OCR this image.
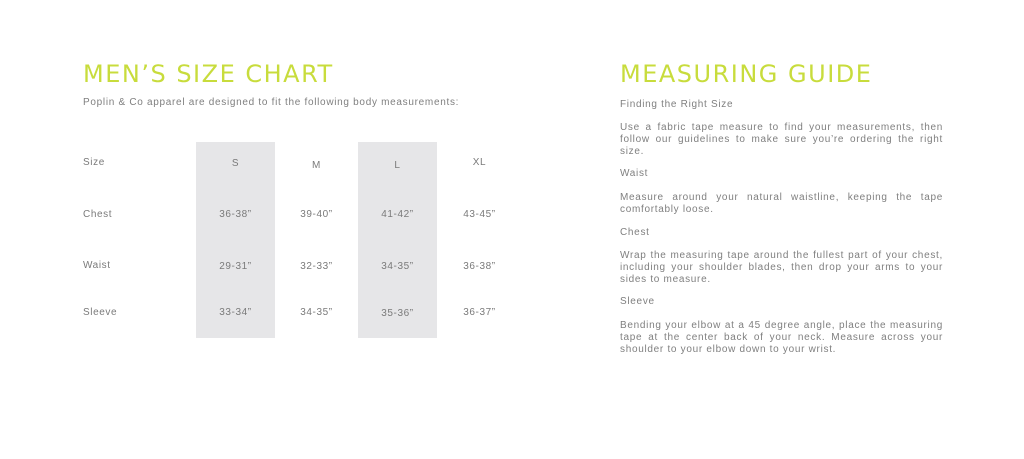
MEN’S SIZE CHART
Poplin & Co apparel are designed to fit the following body measurements:
Size	S	M	L	XL
Chest	36-38”	39-40”	41-42”	43-45”
Waist	29-31”	32-33”	34-35”	36-38”
Sleeve	33-34”	34-35”	35-36”	36-37”
MEASURING GUIDE

Finding the Right Size

Use a fabric tape measure to find your measurements, then follow our guidelines to make sure you’re ordering the right size.

Waist

Measure around your natural waistline, keeping the tape comfortably loose.

Chest

Wrap the measuring tape around the fullest part of your chest, including your shoulder blades, then drop your arms to your sides to measure.

Sleeve

Bending your elbow at a 45 degree angle, place the measuring tape at the center back of your neck. Measure across your shoulder to your elbow down to your wrist.
